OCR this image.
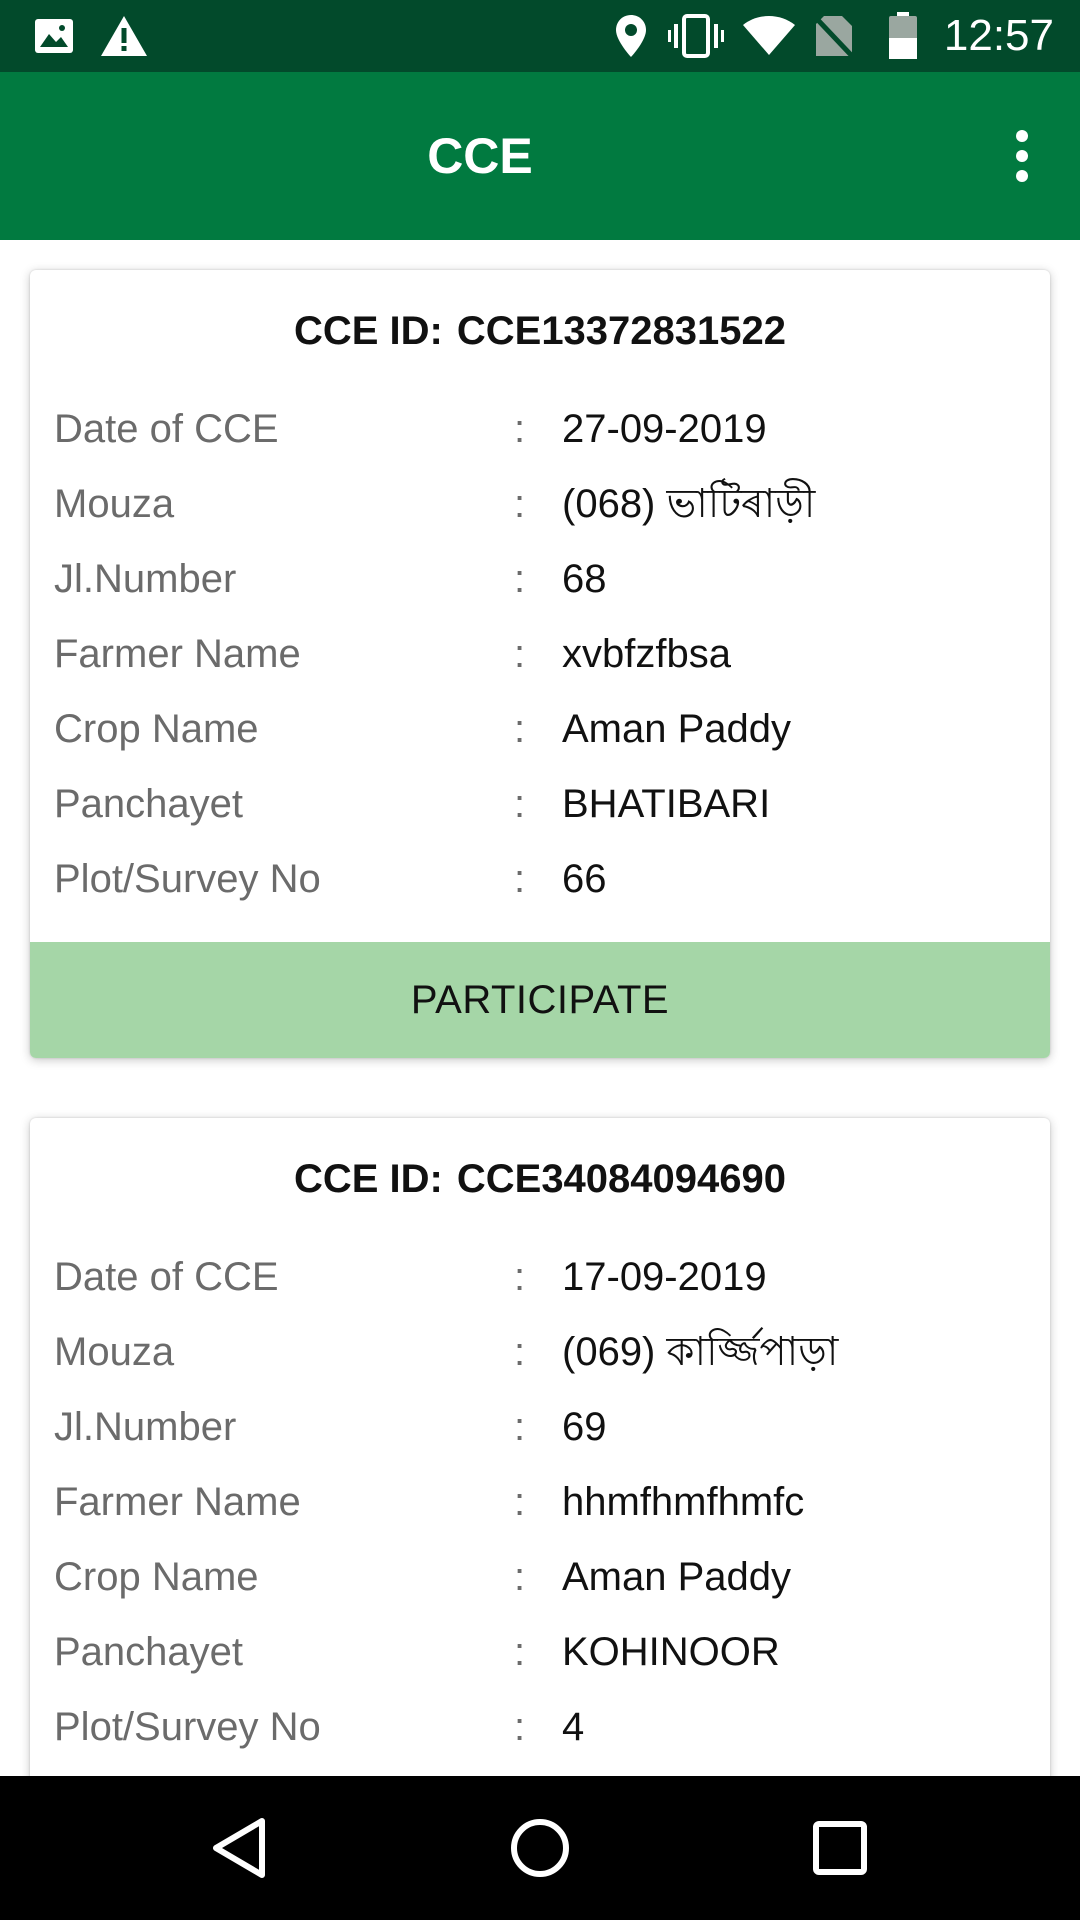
12:57
CCE
CCE ID: CCE13372831522
Date of CCE	: 27-09-2019
Mouza	: (068) ভাটিৰাড়ী
Jl.Number	: 68
Farmer Name	: xvbfzfbsa
Crop Name	: Aman Paddy
Panchayet	: BHATIBARI
Plot/Survey No	: 66
PARTICIPATE
CCE ID: CCE34084094690
Date of CCE	: 17-09-2019
Mouza	: (069) কার্জ্জিপাড়া
Jl.Number	: 69
Farmer Name	: hhmfhmfhmfc
Crop Name	: Aman Paddy
Panchayet	: KOHINOOR
Plot/Survey No	: 4
